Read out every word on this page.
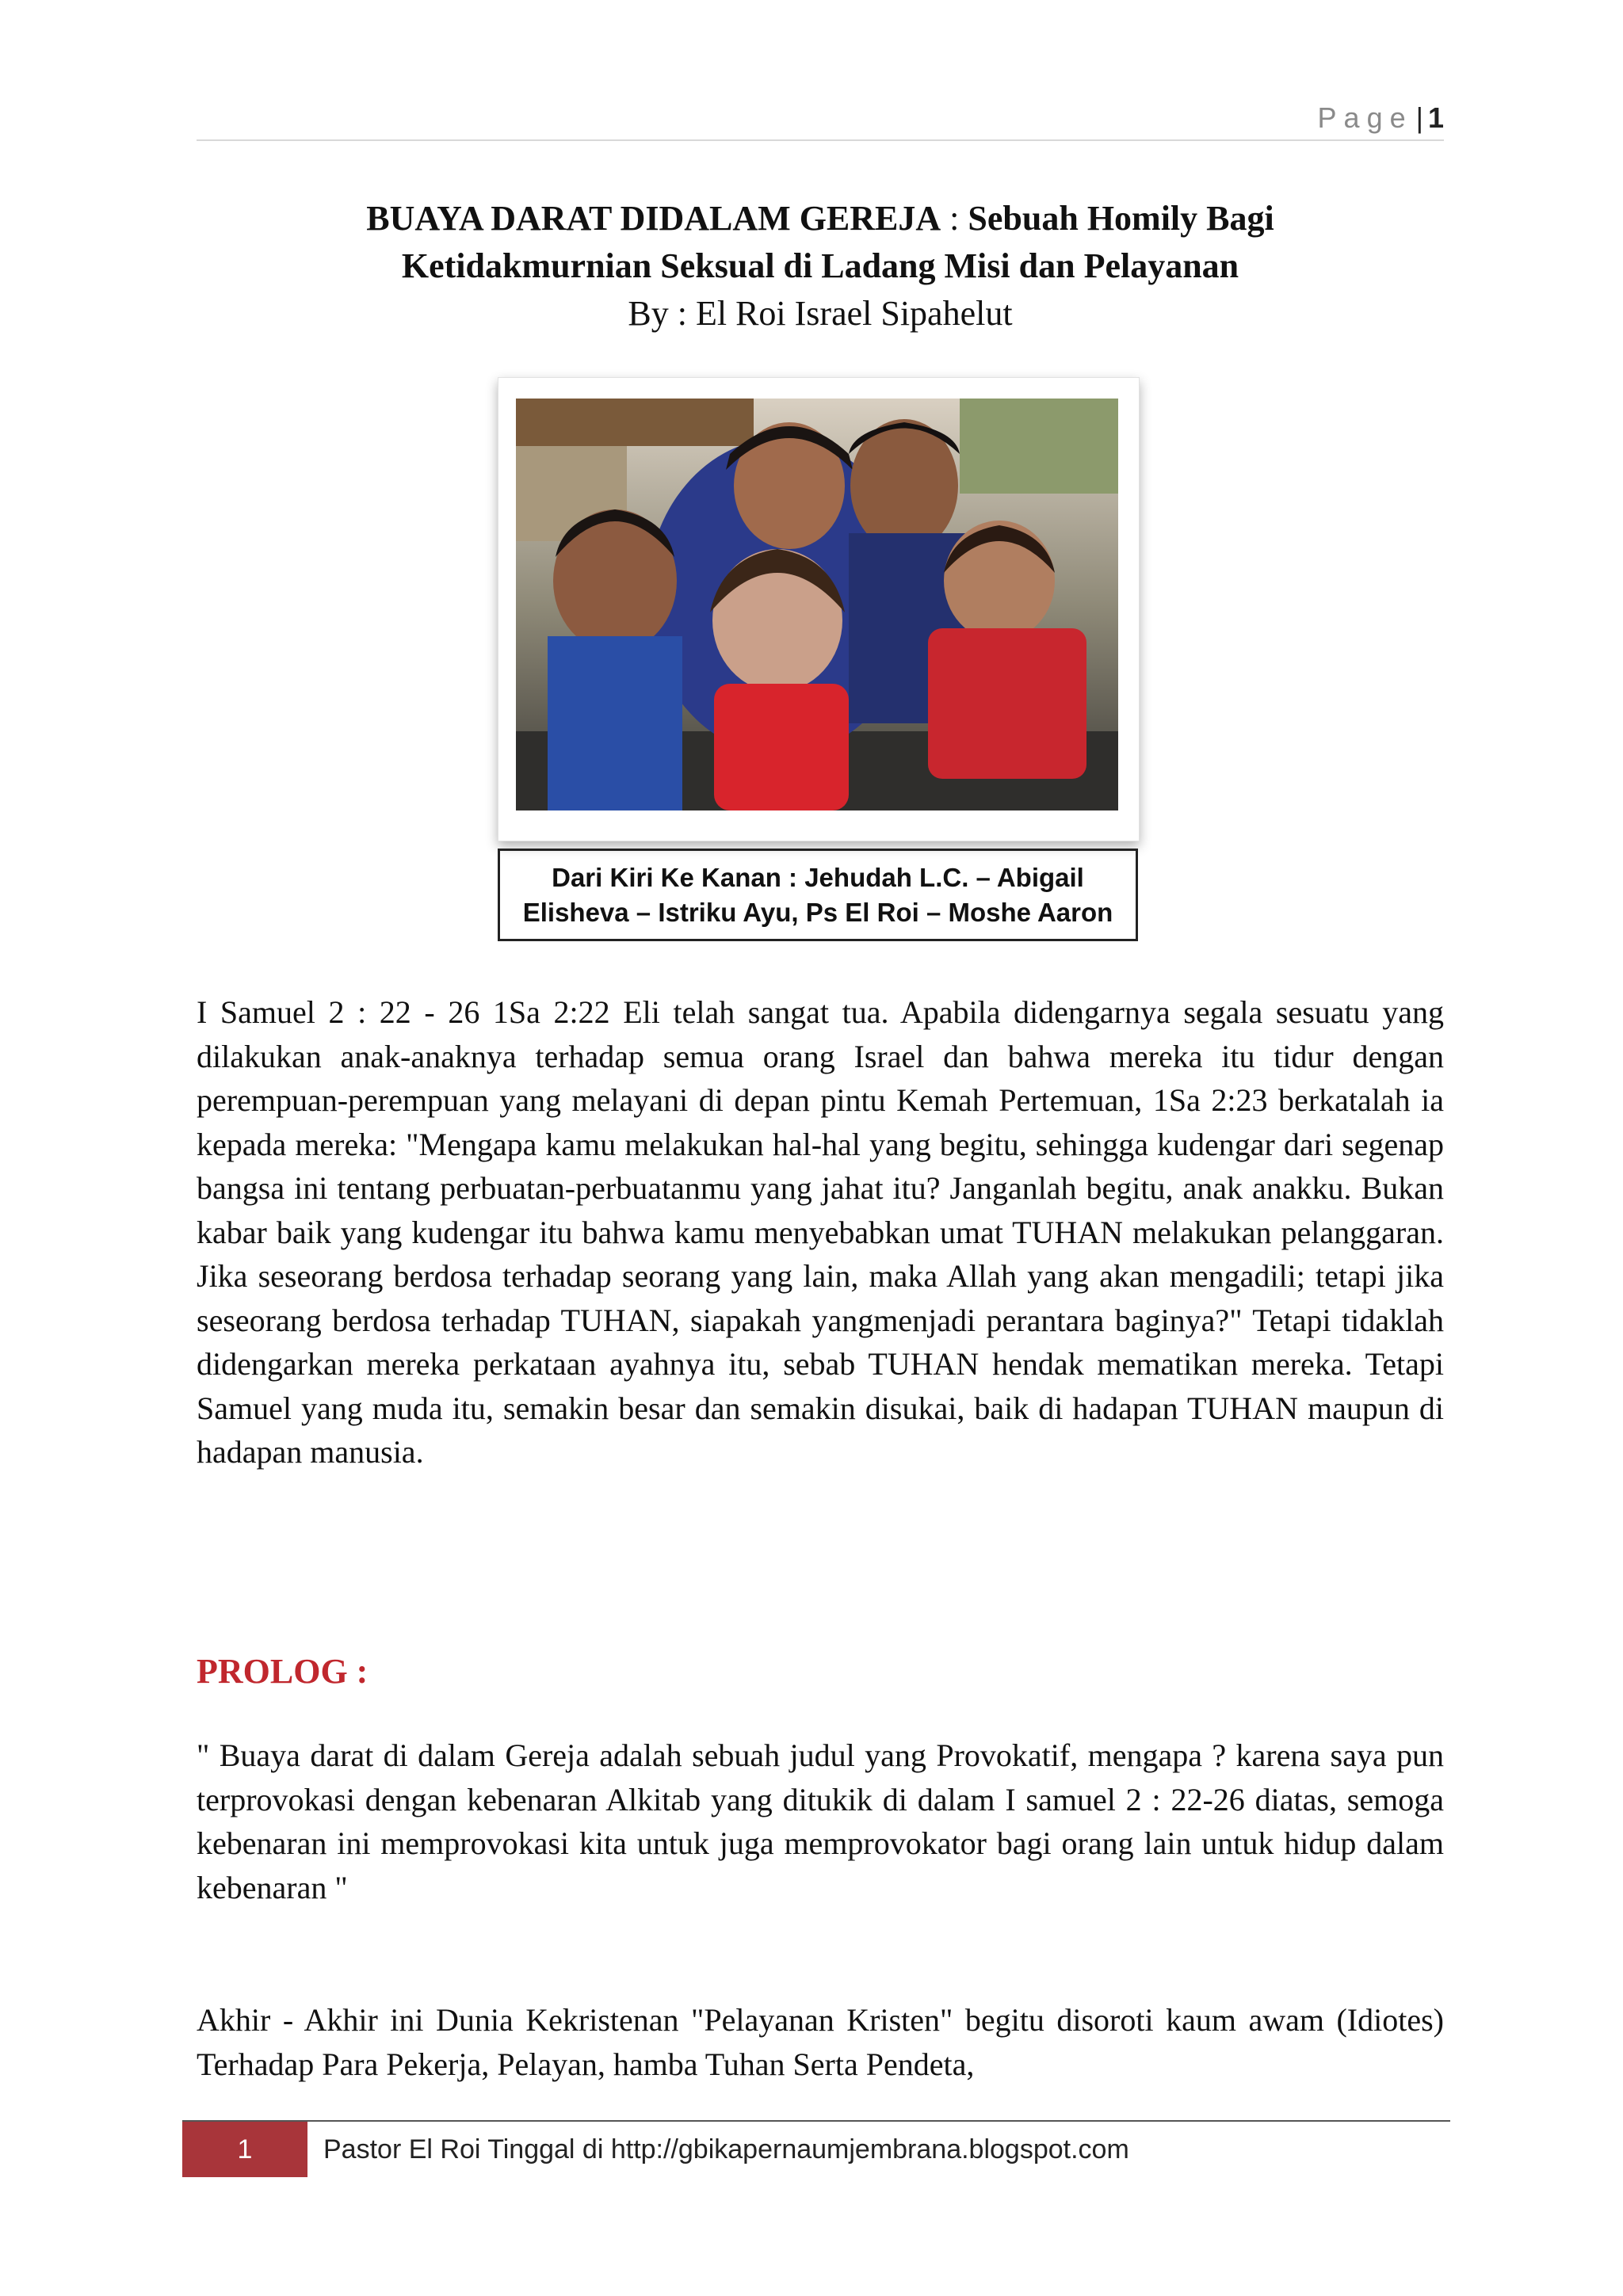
Page | 1
BUAYA DARAT DIDALAM GEREJA : Sebuah Homily Bagi
Ketidakmurnian Seksual di Ladang Misi dan Pelayanan
By : El Roi Israel Sipahelut
Dari Kiri Ke Kanan : Jehudah L.C. – Abigail
Elisheva – Istriku Ayu, Ps El Roi – Moshe Aaron

I Samuel 2 : 22 - 26 1Sa 2:22 Eli telah sangat tua. Apabila didengarnya segala sesuatu yang dilakukan anak-anaknya terhadap semua orang Israel dan bahwa mereka itu tidur dengan perempuan-perempuan yang melayani di depan pintu Kemah Pertemuan, 1Sa 2:23 berkatalah ia kepada mereka: "Mengapa kamu melakukan hal-hal yang begitu, sehingga kudengar dari segenap bangsa ini tentang perbuatan-perbuatanmu yang jahat itu? Janganlah begitu, anak anakku. Bukan kabar baik yang kudengar itu bahwa kamu menyebabkan umat TUHAN melakukan pelanggaran. Jika seseorang berdosa terhadap seorang yang lain, maka Allah yang akan mengadili; tetapi jika seseorang berdosa terhadap TUHAN, siapakah yangmenjadi perantara baginya?" Tetapi tidaklah didengarkan mereka perkataan ayahnya itu, sebab TUHAN hendak mematikan mereka. Tetapi Samuel yang muda itu, semakin besar dan semakin disukai, baik di hadapan TUHAN maupun di hadapan manusia.

PROLOG :

" Buaya darat di dalam Gereja adalah sebuah judul yang Provokatif, mengapa ? karena saya pun terprovokasi dengan kebenaran Alkitab yang ditukik di dalam I samuel 2 : 22-26 diatas, semoga kebenaran ini memprovokasi kita untuk juga memprovokator bagi orang lain untuk hidup dalam kebenaran "

Akhir - Akhir ini Dunia Kekristenan "Pelayanan Kristen" begitu disoroti kaum awam (Idiotes) Terhadap Para Pekerja, Pelayan, hamba Tuhan Serta Pendeta,

1	Pastor El Roi Tinggal di http://gbikapernaumjembrana.blogspot.com
